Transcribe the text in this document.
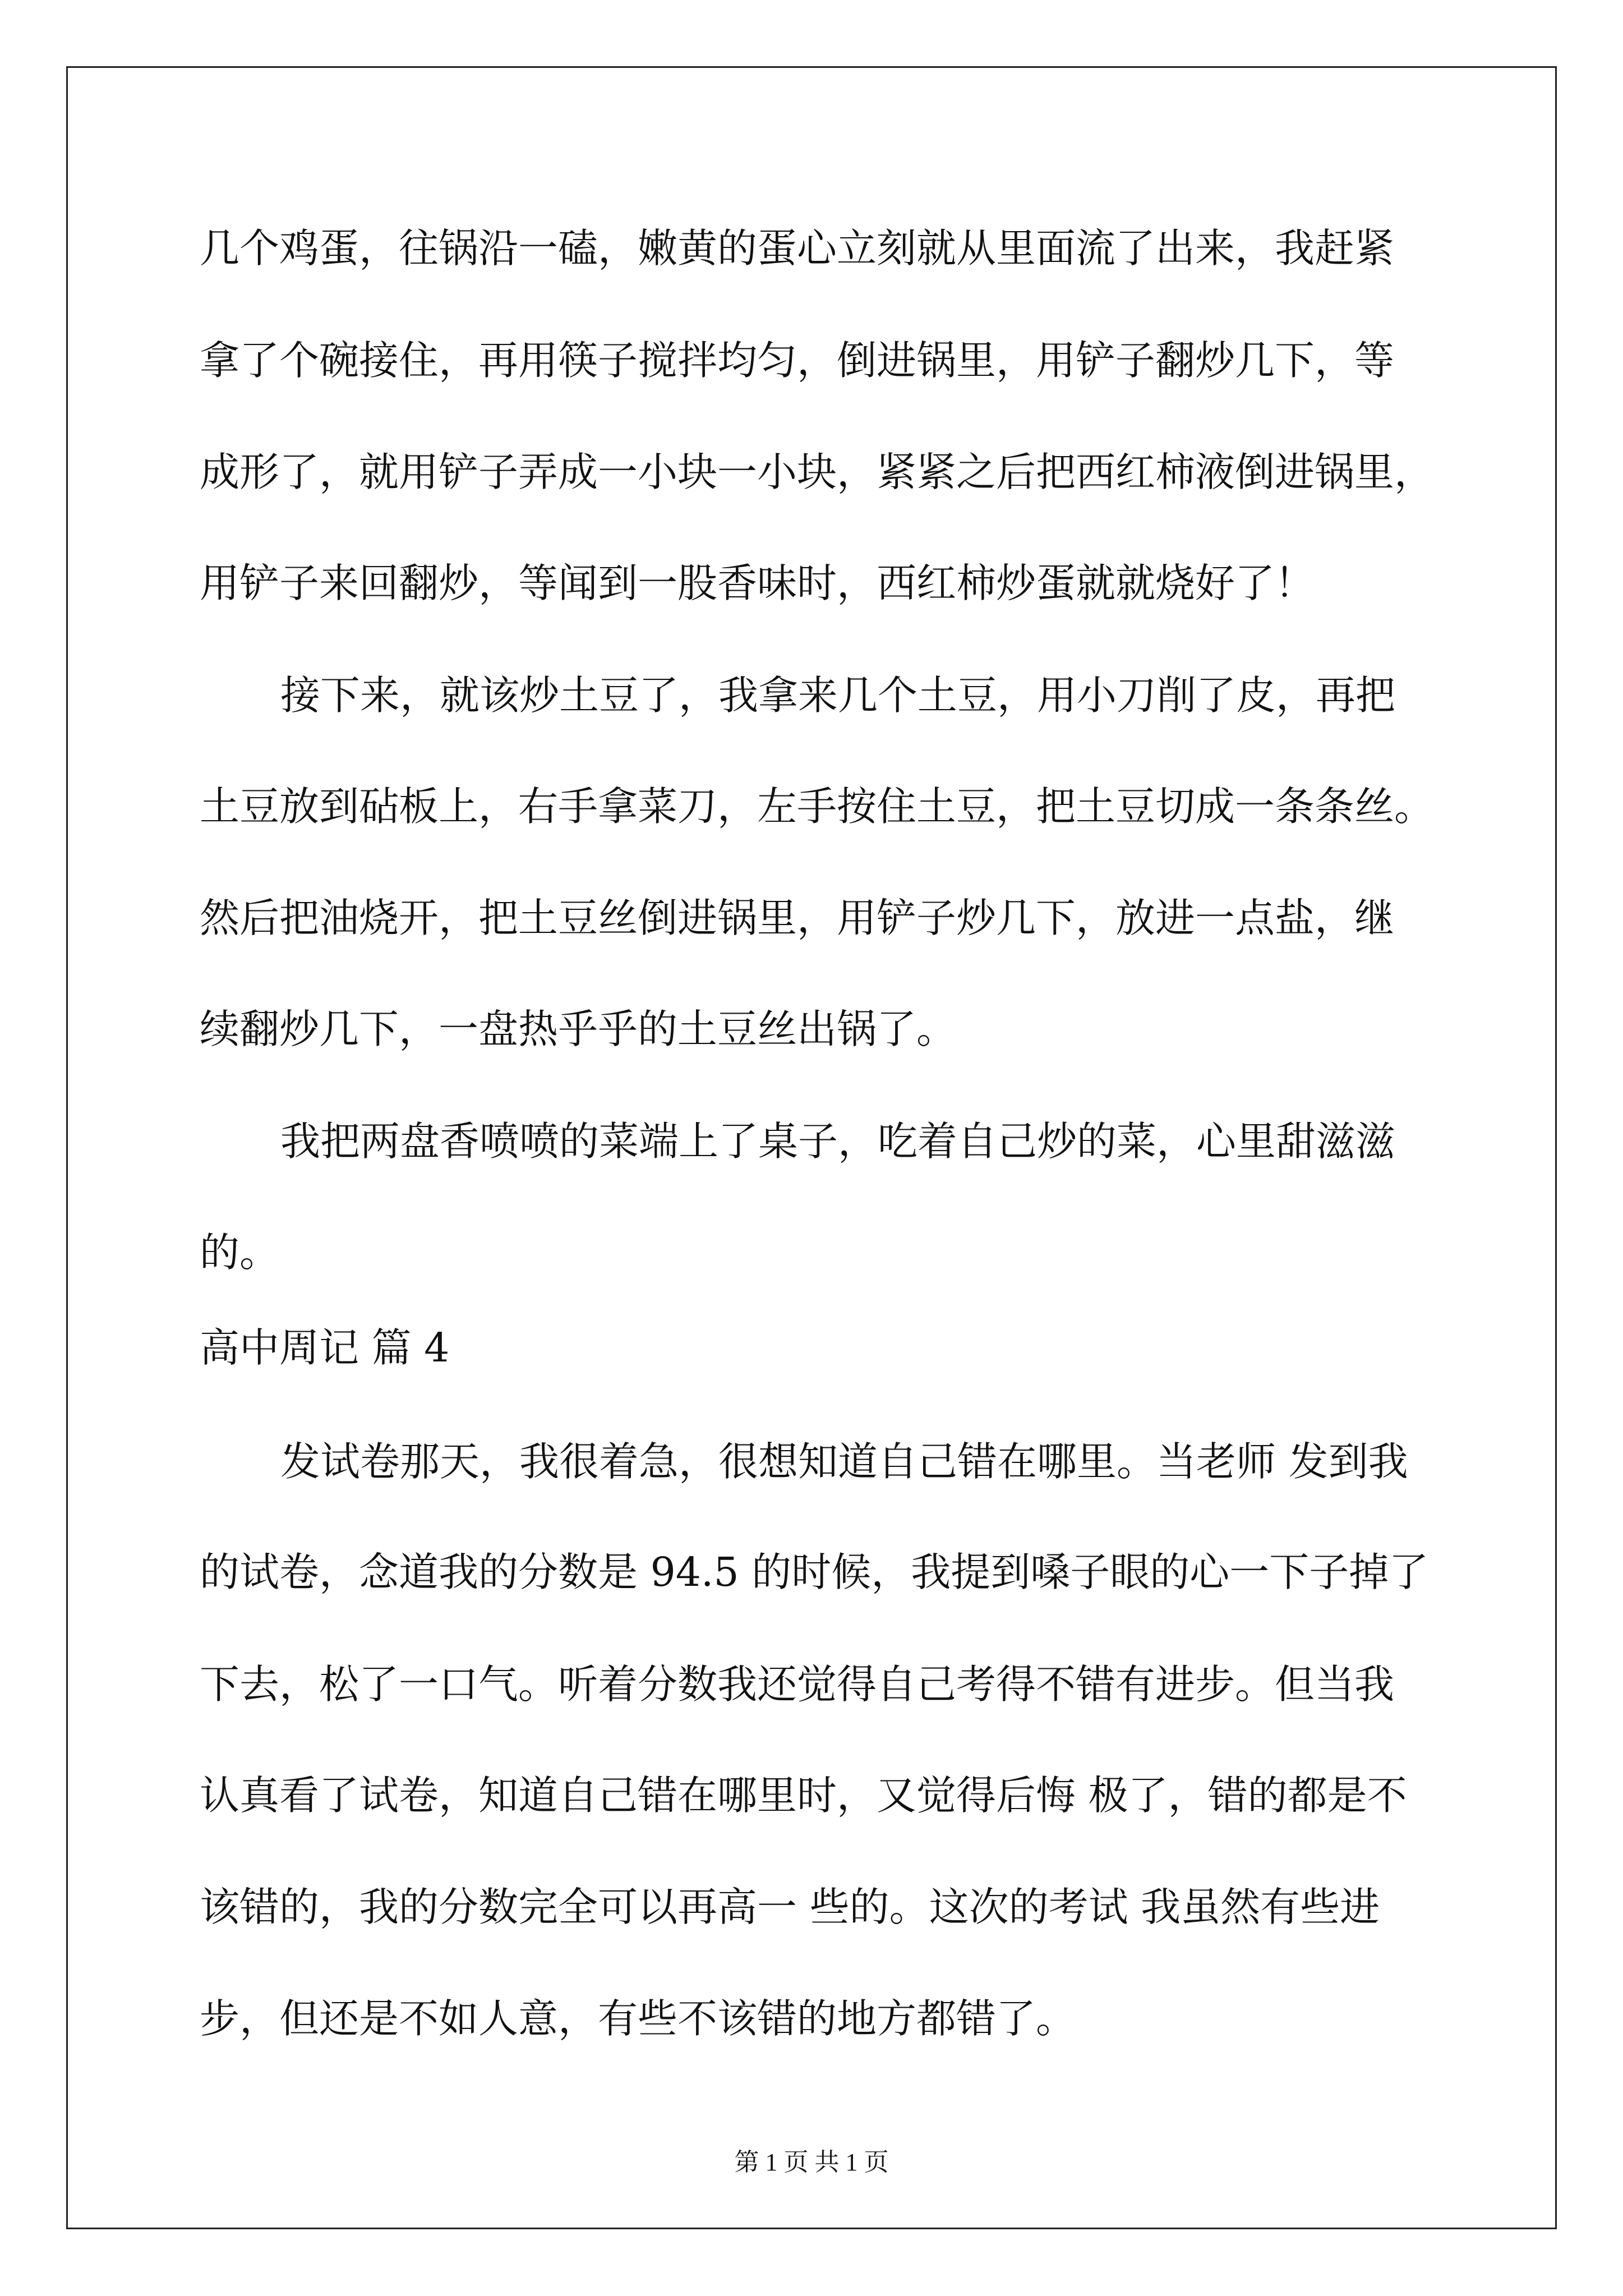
几个鸡蛋，往锅沿一磕，嫩黄的蛋心立刻就从里面流了出来，我赶紧
拿了个碗接住，再用筷子搅拌均匀，倒进锅里，用铲子翻炒几下，等
成形了，就用铲子弄成一小块一小块，紧紧之后把西红柿液倒进锅里，
用铲子来回翻炒，等闻到一股香味时，西红柿炒蛋就就烧好了！
接下来，就该炒土豆了，我拿来几个土豆，用小刀削了皮，再把
土豆放到砧板上，右手拿菜刀，左手按住土豆，把土豆切成一条条丝。
然后把油烧开，把土豆丝倒进锅里，用铲子炒几下，放进一点盐，继
续翻炒几下，一盘热乎乎的土豆丝出锅了。
我把两盘香喷喷的菜端上了桌子，吃着自己炒的菜，心里甜滋滋
的。
高中周记 篇 4
发试卷那天，我很着急，很想知道自己错在哪里。当老师 发到我
的试卷，念道我的分数是 94.5 的时候，我提到嗓子眼的心一下子掉了
下去，松了一口气。听着分数我还觉得自己考得不错有进步。但当我
认真看了试卷，知道自己错在哪里时，又觉得后悔 极了，错的都是不
该错的，我的分数完全可以再高一 些的。这次的考试 我虽然有些进
步，但还是不如人意，有些不该错的地方都错了。
第 1 页 共 1 页
